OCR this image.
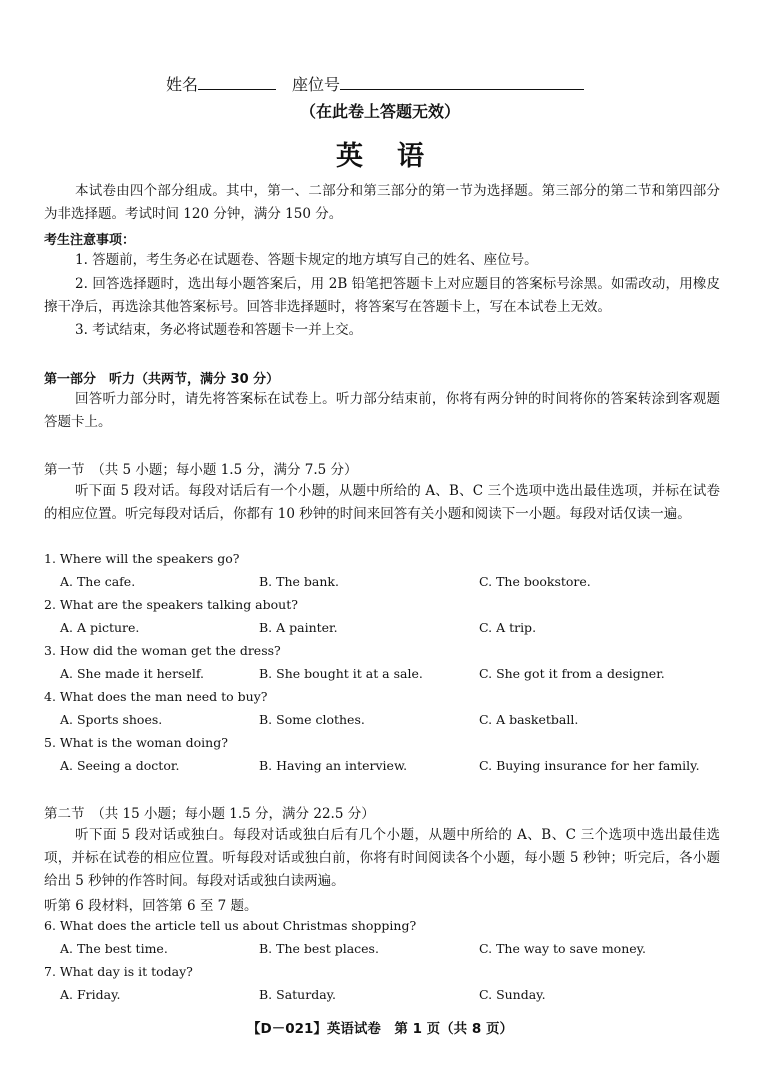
姓名	座位号
（在此卷上答题无效）
英语
本试卷由四个部分组成。其中，第一、二部分和第三部分的第一节为选择题。第三部分的第二节和第四部分为非选择题。考试时间 120 分钟，满分 150 分。
考生注意事项：
1. 答题前，考生务必在试题卷、答题卡规定的地方填写自己的姓名、座位号。
2. 回答选择题时，选出每小题答案后，用 2B 铅笔把答题卡上对应题目的答案标号涂黑。如需改动，用橡皮擦干净后，再选涂其他答案标号。回答非选择题时，将答案写在答题卡上，写在本试卷上无效。
3. 考试结束，务必将试题卷和答题卡一并上交。
第一部分　听力（共两节，满分 30 分）
回答听力部分时，请先将答案标在试卷上。听力部分结束前，你将有两分钟的时间将你的答案转涂到客观题答题卡上。
第一节　（共 5 小题；每小题 1.5 分，满分 7.5 分）
听下面 5 段对话。每段对话后有一个小题，从题中所给的 A、B、C 三个选项中选出最佳选项，并标在试卷的相应位置。听完每段对话后，你都有 10 秒钟的时间来回答有关小题和阅读下一小题。每段对话仅读一遍。
1. Where will the speakers go?
A. The cafe.	B. The bank.	C. The bookstore.
2. What are the speakers talking about?
A. A picture.	B. A painter.	C. A trip.
3. How did the woman get the dress?
A. She made it herself.	B. She bought it at a sale.	C. She got it from a designer.
4. What does the man need to buy?
A. Sports shoes.	B. Some clothes.	C. A basketball.
5. What is the woman doing?
A. Seeing a doctor.	B. Having an interview.	C. Buying insurance for her family.
第二节　（共 15 小题；每小题 1.5 分，满分 22.5 分）
听下面 5 段对话或独白。每段对话或独白后有几个小题，从题中所给的 A、B、C 三个选项中选出最佳选项，并标在试卷的相应位置。听每段对话或独白前，你将有时间阅读各个小题，每小题 5 秒钟；听完后，各小题给出 5 秒钟的作答时间。每段对话或独白读两遍。
听第 6 段材料，回答第 6 至 7 题。
6. What does the article tell us about Christmas shopping?
A. The best time.	B. The best places.	C. The way to save money.
7. What day is it today?
A. Friday.	B. Saturday.	C. Sunday.
【D－021】英语试卷　第 1 页（共 8 页）
